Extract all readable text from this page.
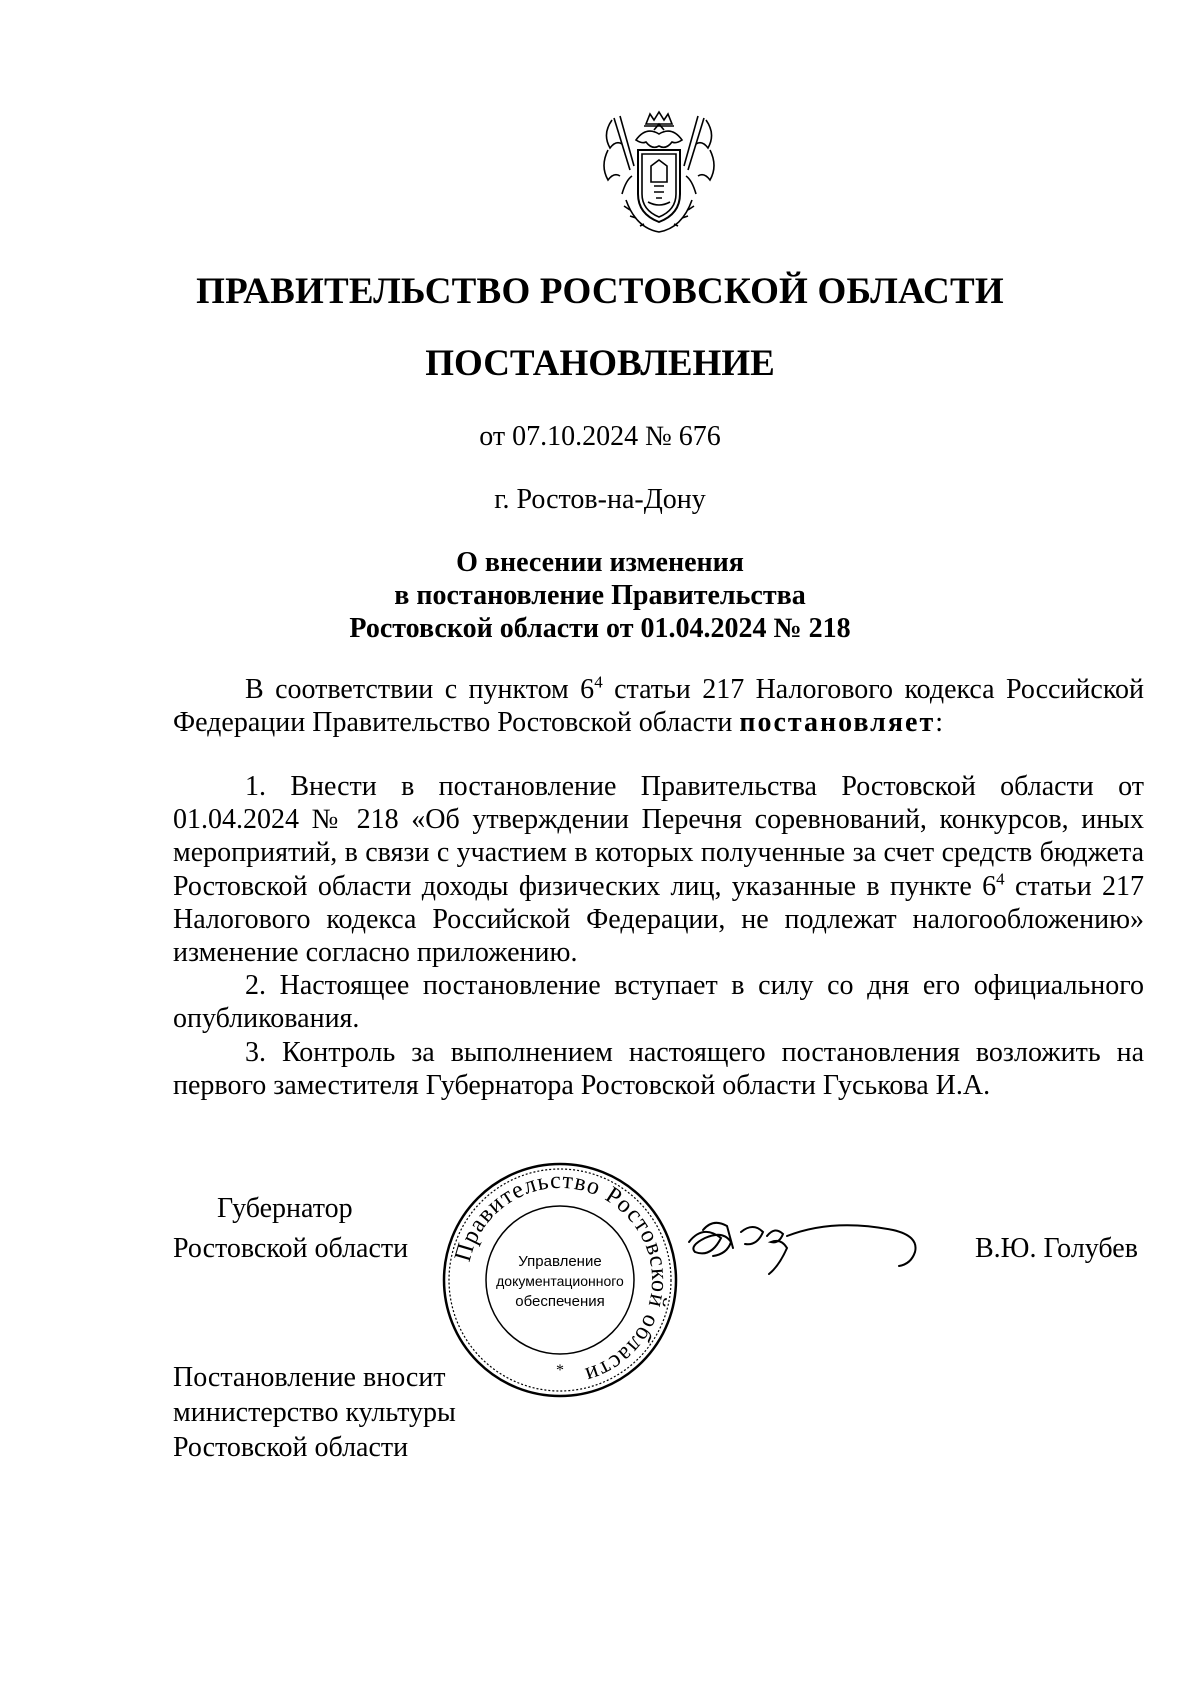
ПРАВИТЕЛЬСТВО РОСТОВСКОЙ ОБЛАСТИ
ПОСТАНОВЛЕНИЕ
от 07.10.2024 № 676
г. Ростов-на-Дону
О внесении изменения
в постановление Правительства
Ростовской области от 01.04.2024 № 218

В соответствии с пунктом $6^4$ статьи 217 Налогового кодекса Российской Федерации Правительство Ростовской области постановляет:

1. Внести в постановление Правительства Ростовской области от 01.04.2024 № 218 «Об утверждении Перечня соревнований, конкурсов, иных мероприятий, в связи с участием в которых полученные за счет средств бюджета Ростовской области доходы физических лиц, указанные в пункте $6^4$ статьи 217 Налогового кодекса Российской Федерации, не подлежат налогообложению» изменение согласно приложению.

2. Настоящее постановление вступает в силу со дня его официального опубликования.

3. Контроль за выполнением настоящего постановления возложить на первого заместителя Губернатора Ростовской области Гуськова И.А.

Губернатор
Ростовской области	В.Ю. Голубев
Правительство Ростовской области
Управление
документационного
обеспечения
*
Постановление вносит
министерство культуры
Ростовской области
